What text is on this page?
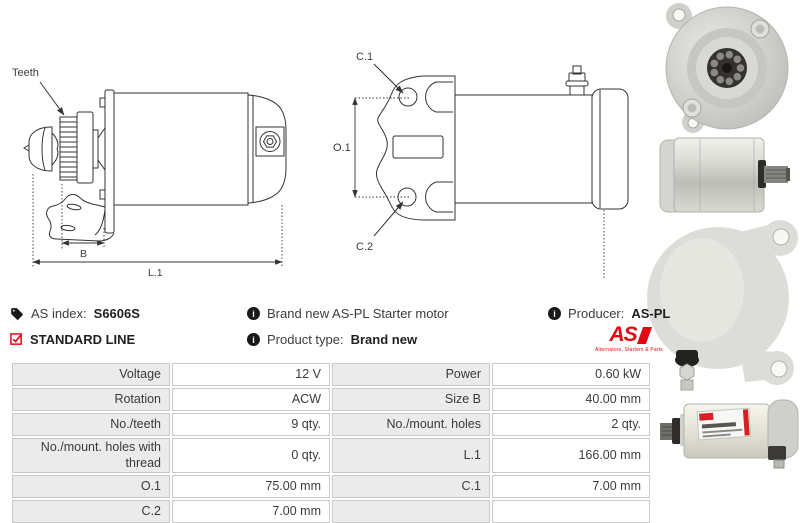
Teeth
B
L.1
C.1
C.2
O.1
AS index: S6606S
STANDARD LINE
i Brand new AS-PL Starter motor
i Product type: Brand new
i Producer: AS-PL
AS
Alternators, Starters & Parts
Voltage	12 V	Power	0.60 kW
Rotation	ACW	Size B	40.00 mm
No./teeth	9 qty.	No./mount. holes	2 qty.
No./mount. holes with thread	0 qty.	L.1	166.00 mm
O.1	75.00 mm	C.1	7.00 mm
C.2	7.00 mm		
